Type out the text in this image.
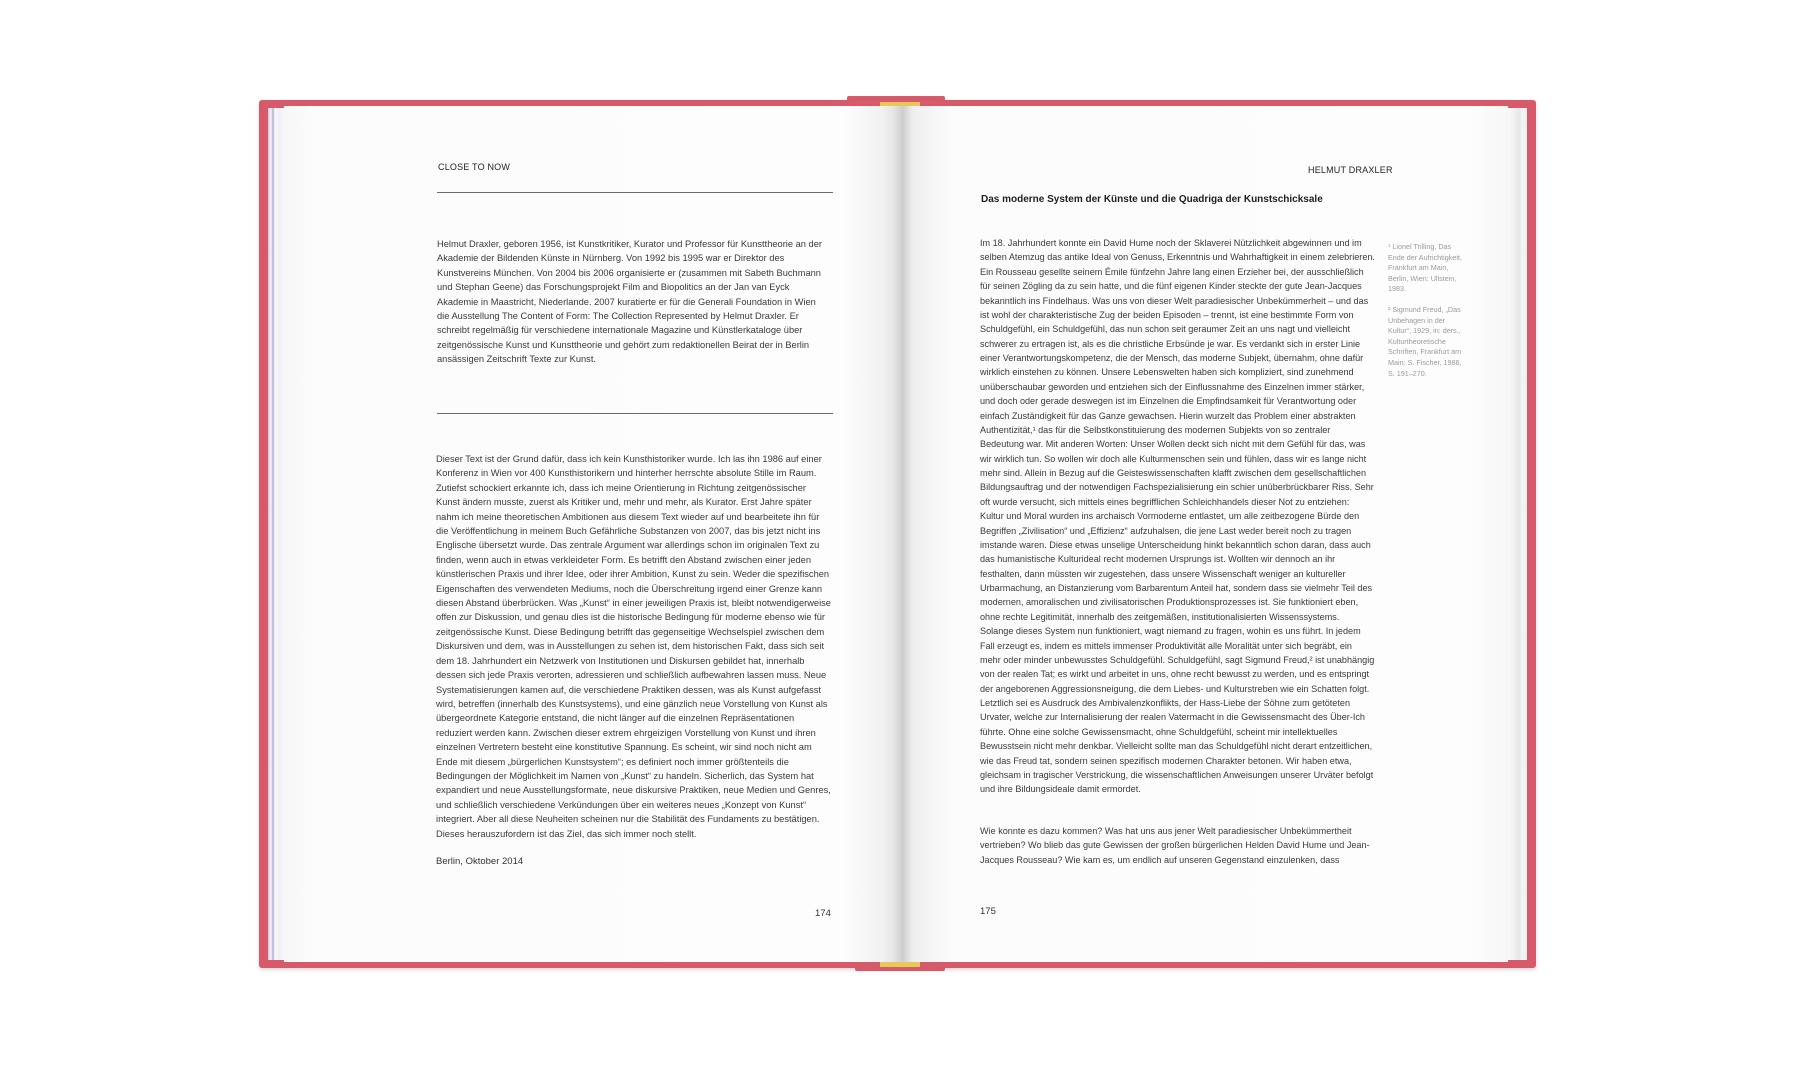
CLOSE TO NOW

Helmut Draxler, geboren 1956, ist Kunstkritiker, Kurator und Professor für Kunsttheorie an der Akademie der Bildenden Künste in Nürnberg. Von 1992 bis 1995 war er Direktor des Kunstvereins München. Von 2004 bis 2006 organisierte er (zusammen mit Sabeth Buchmann und Stephan Geene) das Forschungsprojekt Film and Biopolitics an der Jan van Eyck Akademie in Maastricht, Niederlande. 2007 kuratierte er für die Generali Foundation in Wien die Ausstellung The Content of Form: The Collection Represented by Helmut Draxler. Er schreibt regelmäßig für verschiedene internationale Magazine und Künstlerkataloge über zeitgenössische Kunst und Kunsttheorie und gehört zum redaktionellen Beirat der in Berlin ansässigen Zeitschrift Texte zur Kunst.

Dieser Text ist der Grund dafür, dass ich kein Kunsthistoriker wurde. Ich las ihn 1986 auf einer Konferenz in Wien vor 400 Kunsthistorikern und hinterher herrschte absolute Stille im Raum. Zutiefst schockiert erkannte ich, dass ich meine Orientierung in Richtung zeitgenössischer Kunst ändern musste, zuerst als Kritiker und, mehr und mehr, als Kurator. Erst Jahre später nahm ich meine theoretischen Ambitionen aus diesem Text wieder auf und bearbeitete ihn für die Veröffentlichung in meinem Buch Gefährliche Substanzen von 2007, das bis jetzt nicht ins Englische übersetzt wurde. Das zentrale Argument war allerdings schon im originalen Text zu finden, wenn auch in etwas verkleideter Form. Es betrifft den Abstand zwischen einer jeden künstlerischen Praxis und ihrer Idee, oder ihrer Ambition, Kunst zu sein. Weder die spezifischen Eigenschaften des verwendeten Mediums, noch die Überschreitung irgend einer Grenze kann diesen Abstand überbrücken. Was „Kunst“ in einer jeweiligen Praxis ist, bleibt notwendigerweise offen zur Diskussion, und genau dies ist die historische Bedingung für moderne ebenso wie für zeitgenössische Kunst. Diese Bedingung betrifft das gegenseitige Wechselspiel zwischen dem Diskursiven und dem, was in Ausstellungen zu sehen ist, dem historischen Fakt, dass sich seit dem 18. Jahrhundert ein Netzwerk von Institutionen und Diskursen gebildet hat, innerhalb dessen sich jede Praxis verorten, adressieren und schließlich aufbewahren lassen muss. Neue Systematisierungen kamen auf, die verschiedene Praktiken dessen, was als Kunst aufgefasst wird, betreffen (innerhalb des Kunstsystems), und eine gänzlich neue Vorstellung von Kunst als übergeordnete Kategorie entstand, die nicht länger auf die einzelnen Repräsentationen reduziert werden kann. Zwischen dieser extrem ehrgeizigen Vorstellung von Kunst und ihren einzelnen Vertretern besteht eine konstitutive Spannung. Es scheint, wir sind noch nicht am Ende mit diesem „bürgerlichen Kunstsystem“; es definiert noch immer größtenteils die Bedingungen der Möglichkeit im Namen von „Kunst“ zu handeln. Sicherlich, das System hat expandiert und neue Ausstellungsformate, neue diskursive Praktiken, neue Medien und Genres, und schließlich verschiedene Verkündungen über ein weiteres neues „Konzept von Kunst“ integriert. Aber all diese Neuheiten scheinen nur die Stabilität des Fundaments zu bestätigen. Dieses herauszufordern ist das Ziel, das sich immer noch stellt.

Berlin, Oktober 2014
174
HELMUT DRAXLER
Das moderne System der Künste und die Quadriga der Kunstschicksale

Im 18. Jahrhundert konnte ein David Hume noch der Sklaverei Nützlichkeit abgewinnen und im selben Atemzug das antike Ideal von Genuss, Erkenntnis und Wahrhaftigkeit in einem zelebrieren. Ein Rousseau gesellte seinem Émile fünfzehn Jahre lang einen Erzieher bei, der ausschließlich für seinen Zögling da zu sein hatte, und die fünf eigenen Kinder steckte der gute Jean-Jacques bekanntlich ins Findelhaus. Was uns von dieser Welt paradiesischer Unbekümmerheit – und das ist wohl der charakteristische Zug der beiden Episoden – trennt, ist eine bestimmte Form von Schuldgefühl, ein Schuldgefühl, das nun schon seit geraumer Zeit an uns nagt und vielleicht schwerer zu ertragen ist, als es die christliche Erbsünde je war. Es verdankt sich in erster Linie einer Verantwortungskompetenz, die der Mensch, das moderne Subjekt, übernahm, ohne dafür wirklich einstehen zu können. Unsere Lebenswelten haben sich kompliziert, sind zunehmend unüberschaubar geworden und entziehen sich der Einflussnahme des Einzelnen immer stärker, und doch oder gerade deswegen ist im Einzelnen die Empfindsamkeit für Verantwortung oder einfach Zuständigkeit für das Ganze gewachsen. Hierin wurzelt das Problem einer abstrakten Authentizität,¹ das für die Selbstkonstituierung des modernen Subjekts von so zentraler Bedeutung war. Mit anderen Worten: Unser Wollen deckt sich nicht mit dem Gefühl für das, was wir wirklich tun. So wollen wir doch alle Kulturmenschen sein und fühlen, dass wir es lange nicht mehr sind. Allein in Bezug auf die Geisteswissenschaften klafft zwischen dem gesellschaftlichen Bildungsauftrag und der notwendigen Fachspezialisierung ein schier unüberbrückbarer Riss. Sehr oft wurde versucht, sich mittels eines begrifflichen Schleichhandels dieser Not zu entziehen: Kultur und Moral wurden ins archaisch Vormoderne entlastet, um alle zeitbezogene Bürde den Begriffen „Zivilisation“ und „Effizienz“ aufzuhalsen, die jene Last weder bereit noch zu tragen imstande waren. Diese etwas unselige Unterscheidung hinkt bekanntlich schon daran, dass auch das humanistische Kulturideal recht modernen Ursprungs ist. Wollten wir dennoch an ihr festhalten, dann müssten wir zugestehen, dass unsere Wissenschaft weniger an kultureller Urbarmachung, an Distanzierung vom Barbarentum Anteil hat, sondern dass sie vielmehr Teil des modernen, amoralischen und zivilisatorischen Produktionsprozesses ist. Sie funktioniert eben, ohne rechte Legitimität, innerhalb des zeitgemäßen, institutionalisierten Wissenssystems. Solange dieses System nun funktioniert, wagt niemand zu fragen, wohin es uns führt. In jedem Fall erzeugt es, indem es mittels immenser Produktivität alle Moralität unter sich begräbt, ein mehr oder minder unbewusstes Schuldgefühl. Schuldgefühl, sagt Sigmund Freud,² ist unabhängig von der realen Tat; es wirkt und arbeitet in uns, ohne recht bewusst zu werden, und es entspringt der angeborenen Aggressionsneigung, die dem Liebes- und Kulturstreben wie ein Schatten folgt. Letztlich sei es Ausdruck des Ambivalenzkonflikts, der Hass-Liebe der Söhne zum getöteten Urvater, welche zur Internalisierung der realen Vatermacht in die Gewissensmacht des Über-Ich führte. Ohne eine solche Gewissensmacht, ohne Schuldgefühl, scheint mir intellektuelles Bewusstsein nicht mehr denkbar. Vielleicht sollte man das Schuldgefühl nicht derart entzeitlichen, wie das Freud tat, sondern seinen spezifisch modernen Charakter betonen. Wir haben etwa, gleichsam in tragischer Verstrickung, die wissenschaftlichen Anweisungen unserer Urväter befolgt und ihre Bildungsideale damit ermordet.

Wie konnte es dazu kommen? Was hat uns aus jener Welt paradiesischer Unbekümmertheit vertrieben? Wo blieb das gute Gewissen der großen bürgerlichen Helden David Hume und Jean-Jacques Rousseau? Wie kam es, um endlich auf unseren Gegenstand einzulenken, dass

¹ Lionel Trilling, Das Ende der Aufrichtigkeit, Frankfurt am Main, Berlin, Wien: Ullstein, 1983.

² Sigmund Freud, „Das Unbehagen in der Kultur“, 1929, in: ders., Kulturtheoretische Schriften, Frankfurt am Main: S. Fischer, 1986, S. 191–270.

175
